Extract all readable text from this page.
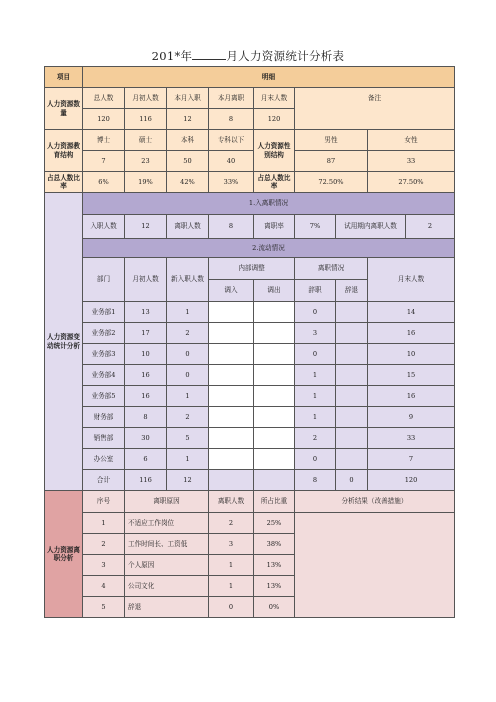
201*年	月人力资源统计分析表
项目	明细								
人力资源数量	总人数	月初人数	本月入职	本月离职	月末人数	备注			
	120	116	12	8	120				
人力资源教育结构	博士	硕士	本科	专科以下	人力资源性别结构	男性		女性	
	7	23	50	40		87		33	
占总人数比率	6%	19%	42%	33%	占总人数比率	72.50%		27.50%	
人力资源变动统计分析	1.入离职情况								
	入职人数	12	离职人数	8	离职率	7%	试用期内离职人数		2
	2.流动情况								
	部门	月初人数	新入职人数	内部调整		离职情况		月末人数	
				调入	调出	辞职	辞退		
	业务部1	13	1			0		14	
	业务部2	17	2			3		16	
	业务部3	10	0			0		10	
	业务部4	16	0			1		15	
	业务部5	16	1			1		16	
	财务部	8	2			1		9	
	销售部	30	5			2		33	
	办公室	6	1			0		7	
	合计	116	12			8	0	120	
人力资源离职分析	序号	离职原因		离职人数	所占比重	分析结果（改善措施）			
	1	不适应工作岗位		2	25%				
	2	工作时间长、工资低		3	38%				
	3	个人原因		1	13%				
	4	公司文化		1	13%				
	5	辞退		0	0%				
